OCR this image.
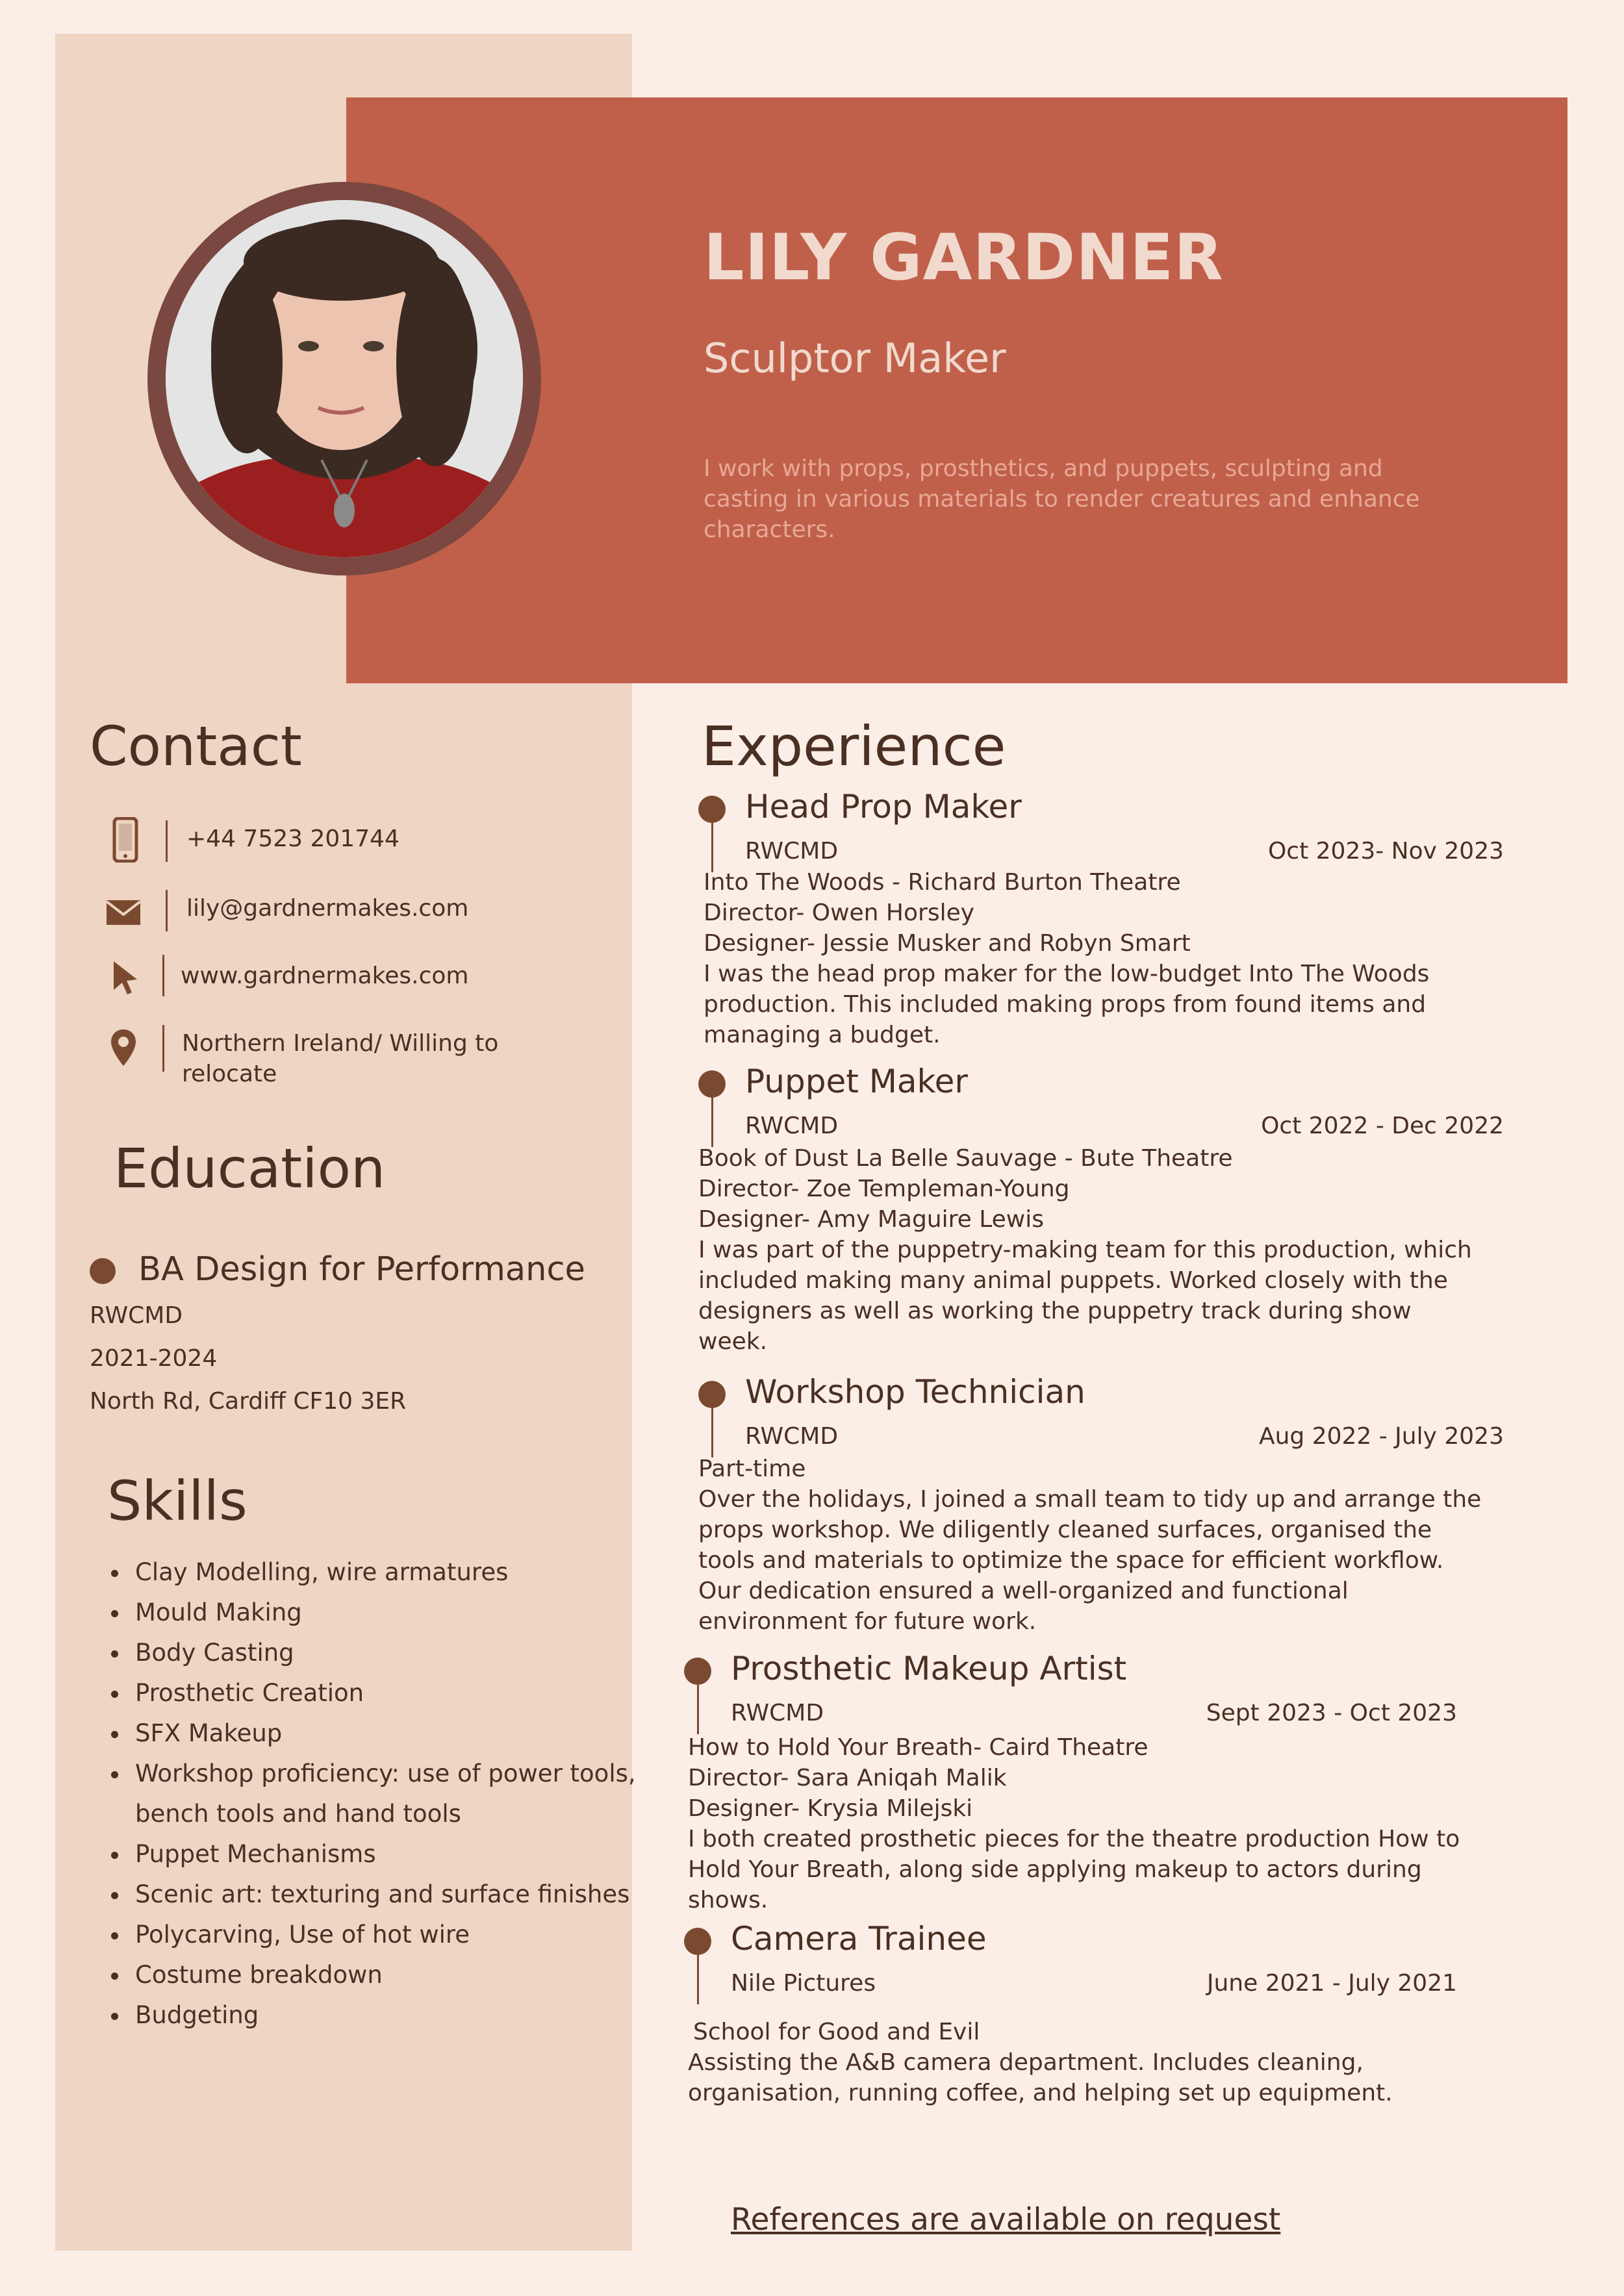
LILY GARDNER
Sculptor Maker
I work with props, prosthetics, and puppets, sculpting and casting in various materials to render creatures and enhance characters.
Contact
+44 7523 201744
lily@gardnermakes.com
www.gardnermakes.com
Northern Ireland/ Willing to
relocate
Education
BA Design for Performance
RWCMD
2021-2024
North Rd, Cardiff CF10 3ER
Skills
• Clay Modelling, wire armatures
• Mould Making
• Body Casting
• Prosthetic Creation
• SFX Makeup
• Workshop proficiency: use of power tools, bench tools and hand tools
• Puppet Mechanisms
• Scenic art: texturing and surface finishes
• Polycarving, Use of hot wire
• Costume breakdown
• Budgeting
Experience
Head Prop Maker
RWCMD	Oct 2023- Nov 2023
Into The Woods - Richard Burton Theatre
Director- Owen Horsley
Designer- Jessie Musker and Robyn Smart
I was the head prop maker for the low-budget Into The Woods production. This included making props from found items and managing a budget.
Puppet Maker
RWCMD	Oct 2022 - Dec 2022
Book of Dust La Belle Sauvage - Bute Theatre
Director- Zoe Templeman-Young
Designer- Amy Maguire Lewis
I was part of the puppetry-making team for this production, which included making many animal puppets. Worked closely with the designers as well as working the puppetry track during show week.
Workshop Technician
RWCMD	Aug 2022 - July 2023
Part-time
Over the holidays, I joined a small team to tidy up and arrange the props workshop. We diligently cleaned surfaces, organised the tools and materials to optimize the space for efficient workflow. Our dedication ensured a well-organized and functional environment for future work.
Prosthetic Makeup Artist
RWCMD	Sept 2023 - Oct 2023
How to Hold Your Breath- Caird Theatre
Director- Sara Aniqah Malik
Designer- Krysia Milejski
I both created prosthetic pieces for the theatre production How to Hold Your Breath, along side applying makeup to actors during shows.
Camera Trainee
Nile Pictures	June 2021 - July 2021
School for Good and Evil
Assisting the A&B camera department. Includes cleaning, organisation, running coffee, and helping set up equipment.
References are available on request
